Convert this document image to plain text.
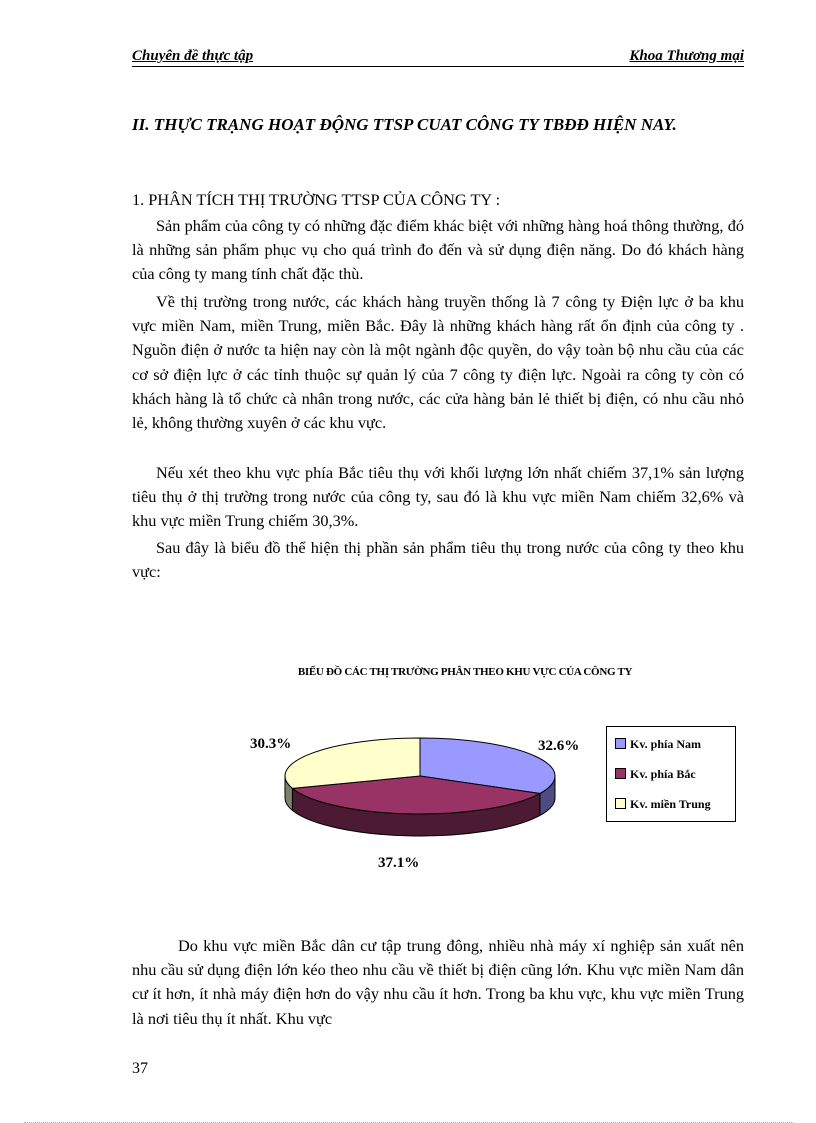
Chuyên đề thực tập	Khoa Thương mại
II. THỰC TRẠNG HOẠT ĐỘNG TTSP CUAT CÔNG TY TBĐĐ HIỆN NAY.
1. PHÂN TÍCH THỊ TRƯỜNG TTSP CỦA CÔNG TY :

Sản phẩm của công ty có những đặc điểm khác biệt với những hàng hoá thông thường, đó là những sản phẩm phục vụ cho quá trình đo đến và sử dụng điện năng. Do đó khách hàng của công ty mang tính chất đặc thù.

Về thị trường trong nước, các khách hàng truyền thống là 7 công ty Điện lực ở ba khu vực miền Nam, miền Trung, miền Bắc. Đây là những khách hàng rất ổn định của công ty . Nguồn điện ở nước ta hiện nay còn là một ngành độc quyền, do vậy toàn bộ nhu cầu của các cơ sở điện lực ở các tỉnh thuộc sự quản lý của 7 công ty điện lực. Ngoài ra công ty còn có khách hàng là tổ chức cà nhân trong nước, các cửa hàng bản lẻ thiết bị điện, có nhu cầu nhỏ lẻ, không thường xuyên ở các khu vực.

Nếu xét theo khu vực phía Bắc tiêu thụ với khối lượng lớn nhất chiếm 37,1% sản lượng tiêu thụ ở thị trường trong nước của công ty, sau đó là khu vực miền Nam chiếm 32,6% và khu vực miền Trung chiếm 30,3%.

Sau đây là biểu đồ thể hiện thị phần sản phẩm tiêu thụ trong nước của công ty theo khu vực:

BIỂU ĐỒ CÁC THỊ TRƯỜNG PHÂN THEO KHU VỰC CỦA CÔNG TY
32.6%
37.1%
30.3%	Kv. phía Nam
Kv. phía Bắc
Kv. miền Trung

Do khu vực miền Bắc dân cư tập trung đông, nhiều nhà máy xí nghiệp sản xuất nên nhu cầu sử dụng điện lớn kéo theo nhu cầu về thiết bị điện cũng lớn. Khu vực miền Nam dân cư ít hơn, ít nhà máy điện hơn do vậy nhu cầu ít hơn. Trong ba khu vực, khu vực miền Trung là nơi tiêu thụ ít nhất. Khu vực

37
